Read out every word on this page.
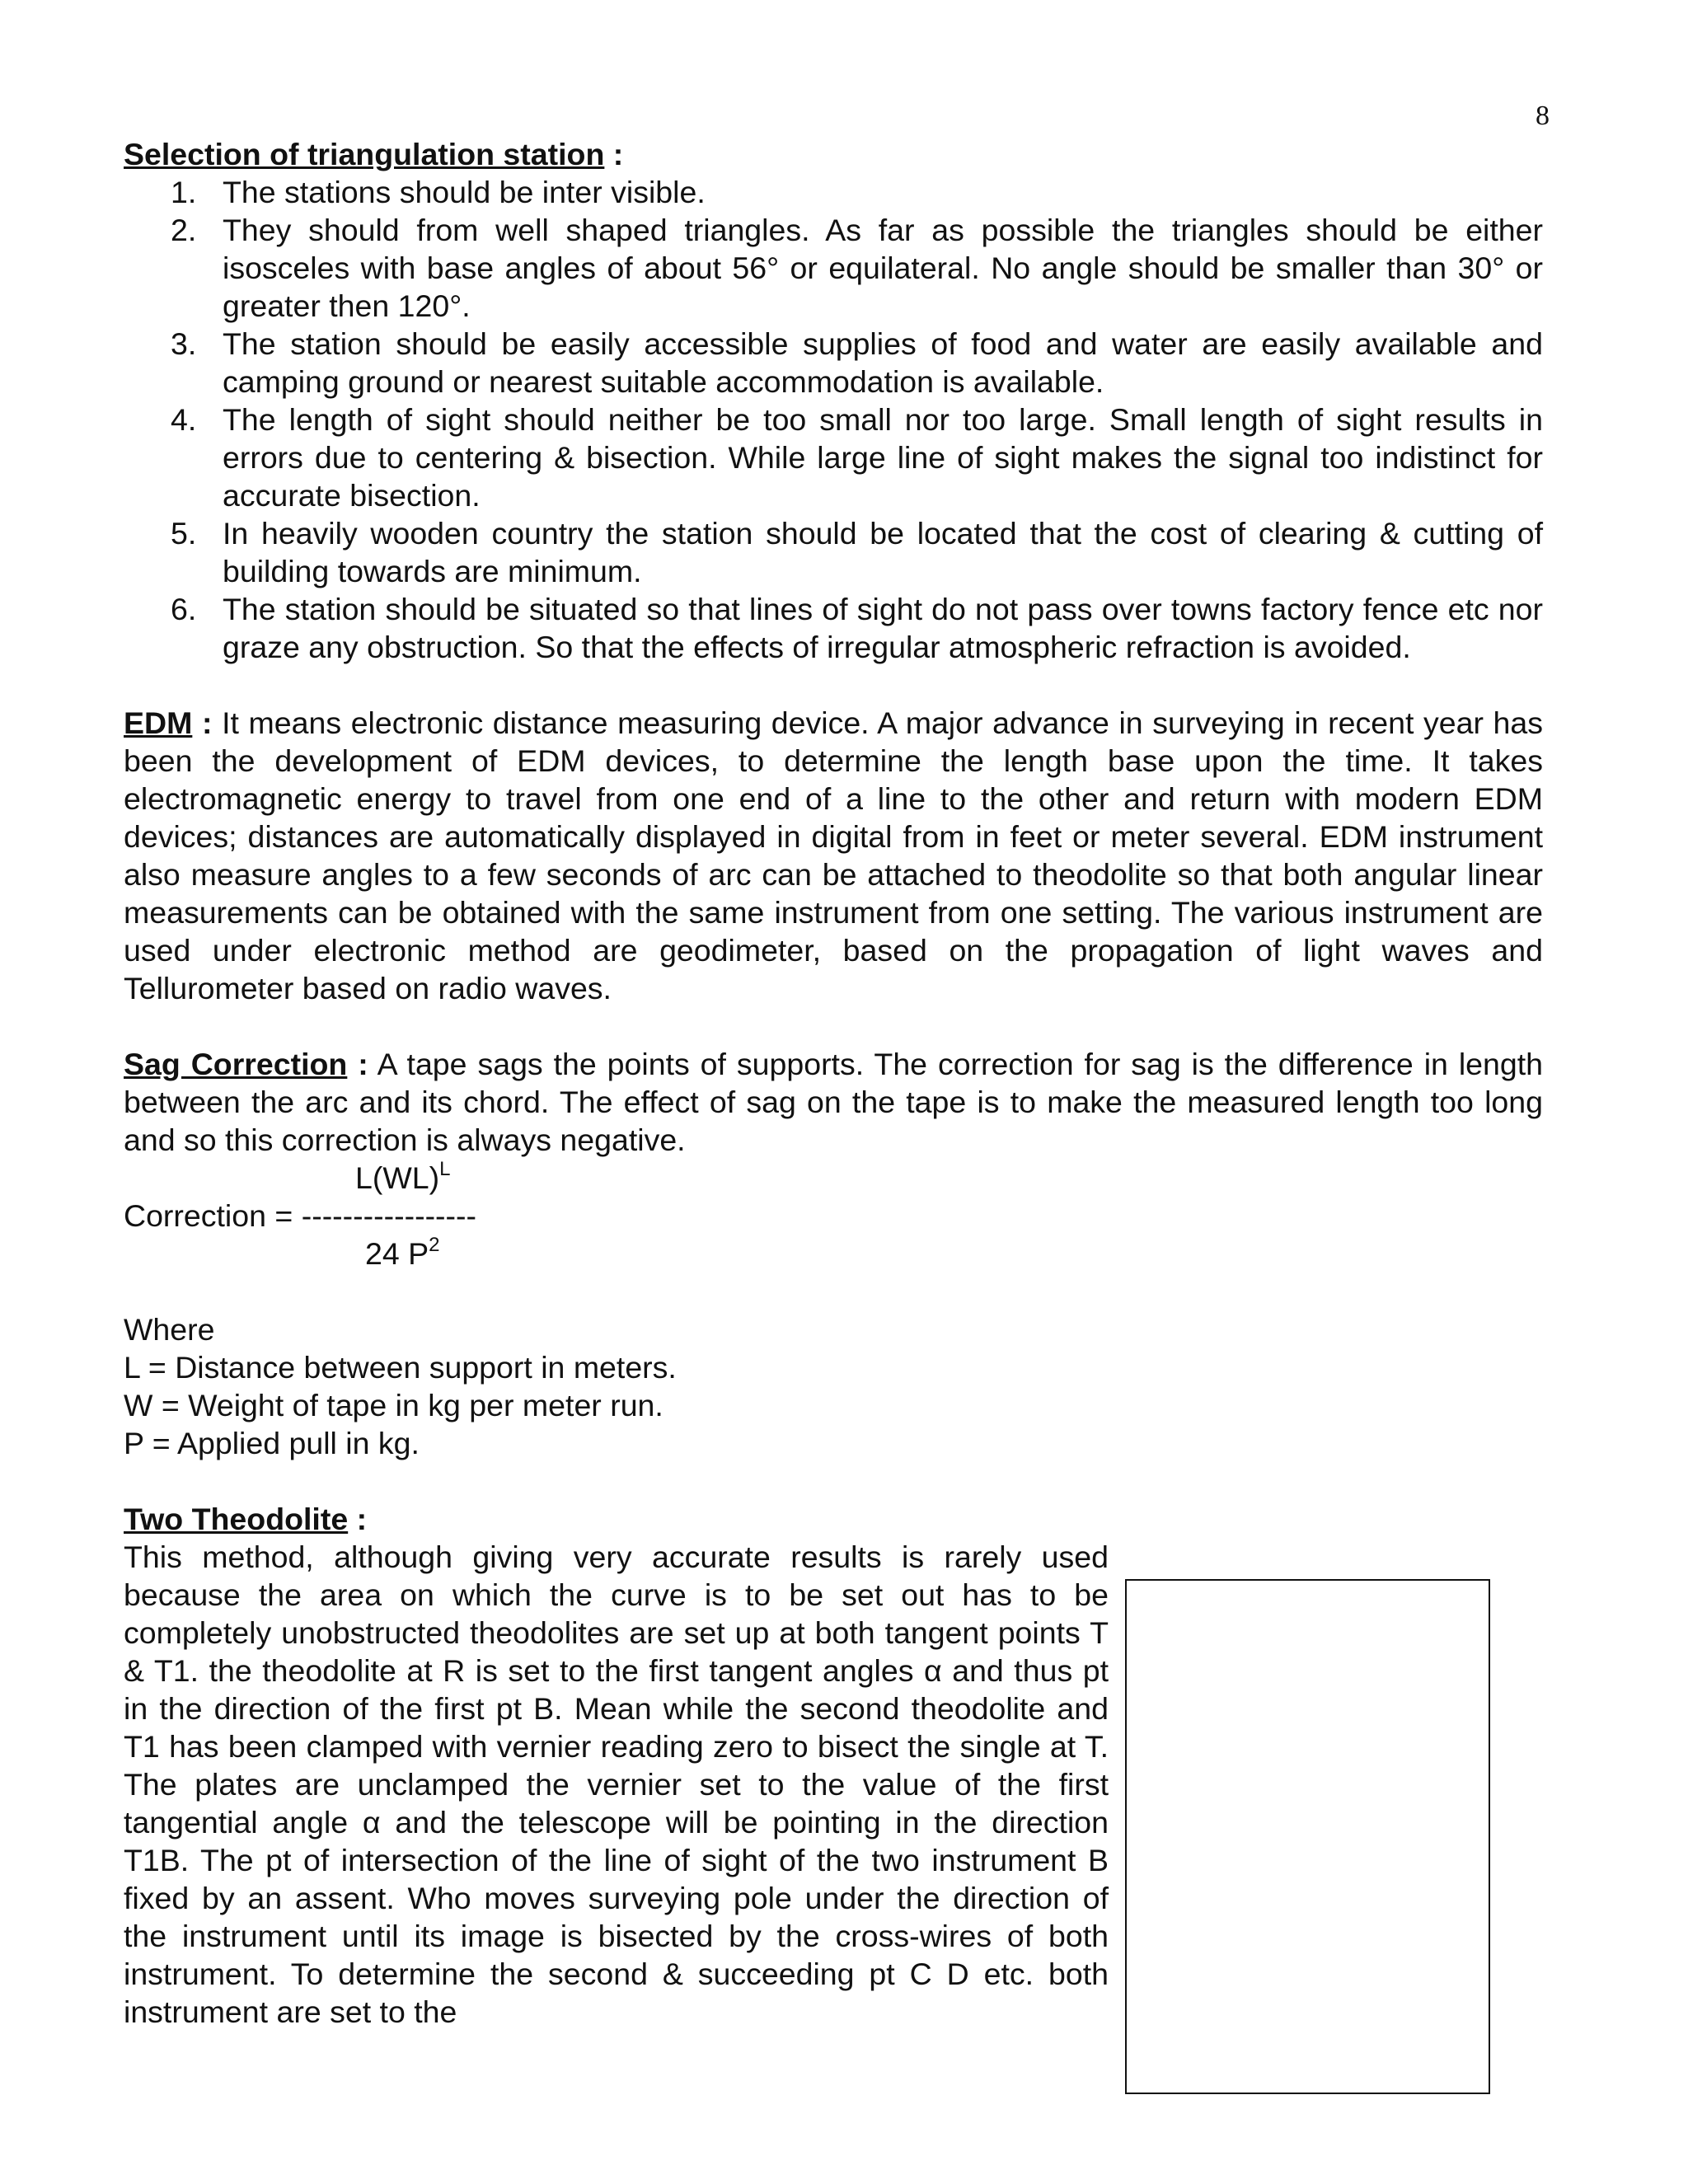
8
Selection of triangulation station :
1. The stations should be inter visible.
2. They should from well shaped triangles. As far as possible the triangles should be either isosceles with base angles of about 56° or equilateral. No angle should be smaller than 30° or greater then 120°.
3. The station should be easily accessible supplies of food and water are easily available and camping ground or nearest suitable accommodation is available.
4. The length of sight should neither be too small nor too large. Small length of sight results in errors due to centering & bisection. While large line of sight makes the signal too indistinct for accurate bisection.
5. In heavily wooden country the station should be located that the cost of clearing & cutting of building towards are minimum.
6. The station should be situated so that lines of sight do not pass over towns factory fence etc nor graze any obstruction. So that the effects of irregular atmospheric refraction is avoided.

EDM : It means electronic distance measuring device. A major advance in surveying in recent year has been the development of EDM devices, to determine the length base upon the time. It takes electromagnetic energy to travel from one end of a line to the other and return with modern EDM devices; distances are automatically displayed in digital from in feet or meter several. EDM instrument also measure angles to a few seconds of arc can be attached to theodolite so that both angular linear measurements can be obtained with the same instrument from one setting. The various instrument are used under electronic method are geodimeter, based on the propagation of light waves and Tellurometer based on radio waves.

Sag Correction : A tape sags the points of supports. The correction for sag is the difference in length between the arc and its chord. The effect of sag on the tape is to make the measured length too long and so this correction is always negative.

L(WL)$^L$
Correction = -----------------
24 $P^2$
Where
L = Distance between support in meters.
W = Weight of tape in kg per meter run.
P = Applied pull in kg.
Two Theodolite :

This method, although giving very accurate results is rarely used because the area on which the curve is to be set out has to be completely unobstructed theodolites are set up at both tangent points T & T1. the theodolite at R is set to the first tangent angles α and thus pt in the direction of the first pt B. Mean while the second theodolite and T1 has been clamped with vernier reading zero to bisect the single at T. The plates are unclamped the vernier set to the value of the first tangential angle α and the telescope will be pointing in the direction T1B. The pt of intersection of the line of sight of the two instrument B fixed by an assent. Who moves surveying pole under the direction of the instrument until its image is bisected by the cross-wires of both instrument. To determine the second & succeeding pt C D etc. both instrument are set to the
